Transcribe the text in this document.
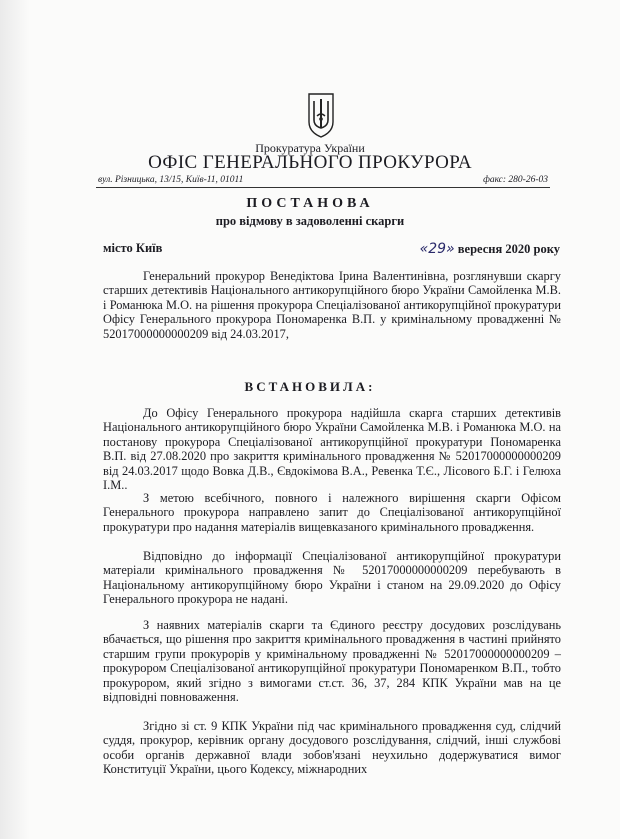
Прокуратура України
ОФІС ГЕНЕРАЛЬНОГО ПРОКУРОРА
вул. Різницька, 13/15, Київ-11, 01011	факс: 280-26-03
ПОСТАНОВА
про відмову в задоволенні скарги
місто Київ	«29» вересня 2020 року

Генеральний прокурор Венедіктова Ірина Валентинівна, розглянувши скаргу старших детективів Національного антикорупційного бюро України Самойленка М.В. і Романюка М.О. на рішення прокурора Спеціалізованої антикорупційної прокуратури Офісу Генерального прокурора Пономаренка В.П. у кримінальному провадженні № 52017000000000209 від 24.03.2017,

ВСТАНОВИЛА:

До Офісу Генерального прокурора надійшла скарга старших детективів Національного антикорупційного бюро України Самойленка М.В. і Романюка М.О. на постанову прокурора Спеціалізованої антикорупційної прокуратури Пономаренка В.П. від 27.08.2020 про закриття кримінального провадження № 52017000000000209 від 24.03.2017 щодо Вовка Д.В., Євдокімова В.А., Ревенка Т.Є., Лісового Б.Г. і Гелюха І.М..

З метою всебічного, повного і належного вирішення скарги Офісом Генерального прокурора направлено запит до Спеціалізованої антикорупційної прокуратури про надання матеріалів вищевказаного кримінального провадження.

Відповідно до інформації Спеціалізованої антикорупційної прокуратури матеріали кримінального провадження № 52017000000000209 перебувають в Національному антикорупційному бюро України і станом на 29.09.2020 до Офісу Генерального прокурора не надані.

З наявних матеріалів скарги та Єдиного реєстру досудових розслідувань вбачається, що рішення про закриття кримінального провадження в частині прийнято старшим групи прокурорів у кримінальному провадженні № 52017000000000209 – прокурором Спеціалізованої антикорупційної прокуратури Пономаренком В.П., тобто прокурором, який згідно з вимогами ст.ст. 36, 37, 284 КПК України мав на це відповідні повноваження.

Згідно зі ст. 9 КПК України під час кримінального провадження суд, слідчий суддя, прокурор, керівник органу досудового розслідування, слідчий, інші службові особи органів державної влади зобов'язані неухильно додержуватися вимог Конституції України, цього Кодексу, міжнародних
